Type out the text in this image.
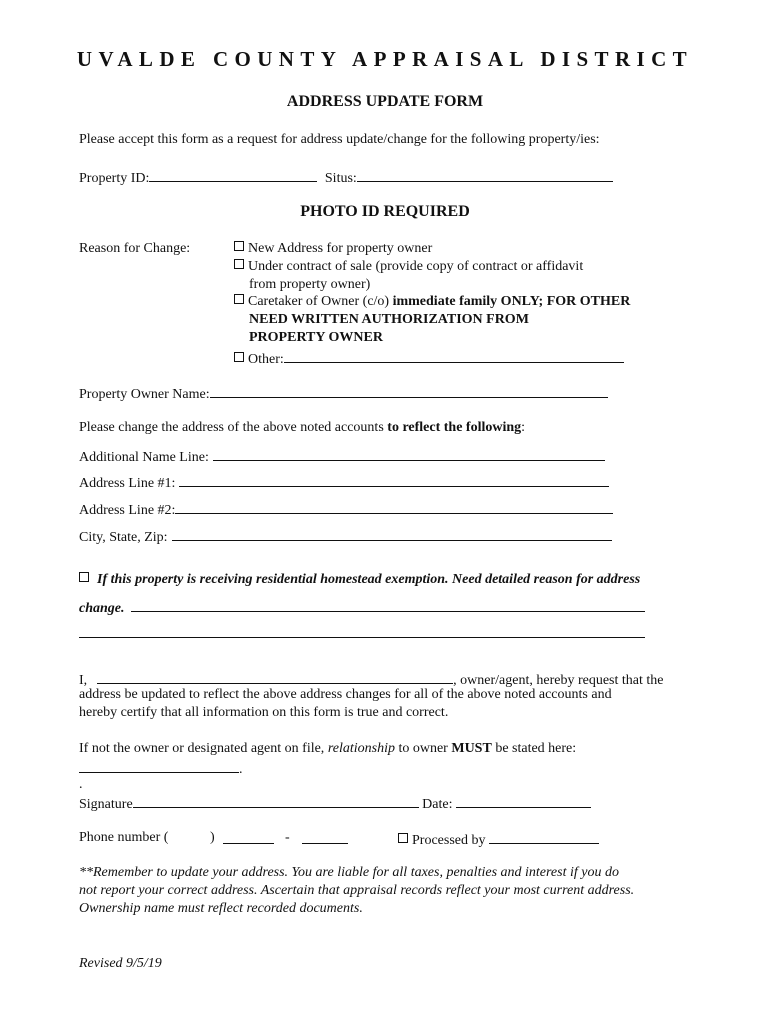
UVALDE COUNTY APPRAISAL DISTRICT
ADDRESS UPDATE FORM
Please accept this form as a request for address update/change for the following property/ies:
Property ID:	Situs:
PHOTO ID REQUIRED
Reason for Change:	New Address for property owner
Under contract of sale (provide copy of contract or affidavit
from property owner)
Caretaker of Owner (c/o) immediate family ONLY; FOR OTHER
NEED WRITTEN AUTHORIZATION FROM
PROPERTY OWNER
Other:
Property Owner Name:
Please change the address of the above noted accounts to reflect the following:
Additional Name Line:
Address Line #1:
Address Line #2:
City, State, Zip:
If this property is receiving residential homestead exemption. Need detailed reason for address
change.
I,	, owner/agent, hereby request that the
address be updated to reflect the above address changes for all of the above noted accounts and
hereby certify that all information on this form is true and correct.
If not the owner or designated agent on file, relationship to owner MUST be stated here:
.
.
Signature	Date:
Phone number (	)	-	Processed by
**Remember to update your address. You are liable for all taxes, penalties and interest if you do
not report your correct address. Ascertain that appraisal records reflect your most current address.
Ownership name must reflect recorded documents.
Revised 9/5/19
